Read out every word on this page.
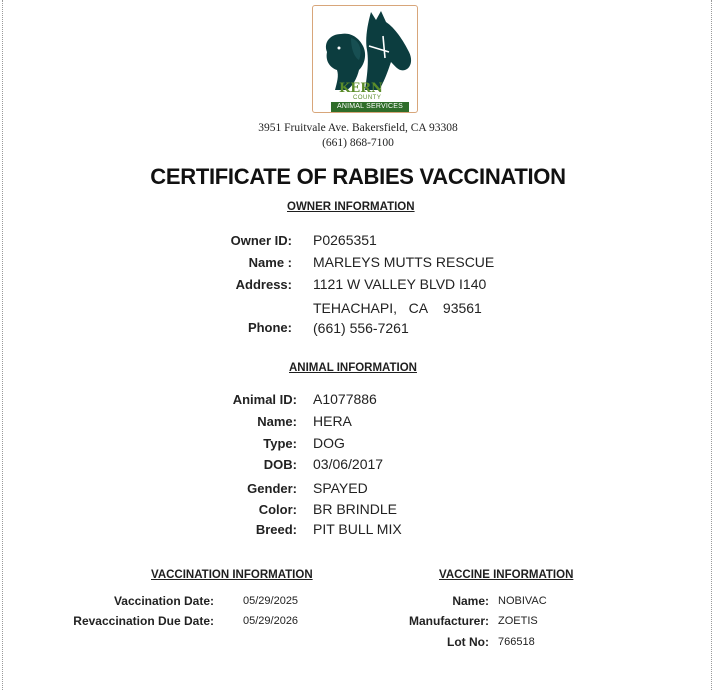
KERN
COUNTY
ANIMAL SERVICES
3951 Fruitvale Ave. Bakersfield, CA 93308
(661) 868-7100
CERTIFICATE OF RABIES VACCINATION
OWNER INFORMATION
Owner ID: P0265351
Name : MARLEYS MUTTS RESCUE
Address: 1121 W VALLEY BLVD I140
TEHACHAPI,   CA    93561
Phone: (661) 556-7261
ANIMAL INFORMATION
Animal ID: A1077886
Name: HERA
Type: DOG
DOB: 03/06/2017
Gender: SPAYED
Color: BR BRINDLE
Breed: PIT BULL MIX
VACCINATION INFORMATION
Vaccination Date:	05/29/2025
Revaccination Due Date:	05/29/2026
VACCINE INFORMATION
Name: NOBIVAC
Manufacturer: ZOETIS
Lot No: 766518
